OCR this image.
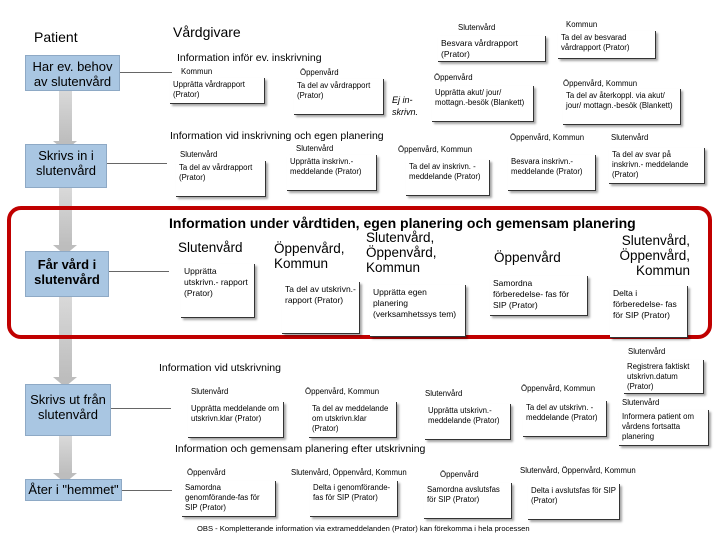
Patient	Vårdgivare
Har ev. behov av slutenvård
Skrivs in i slutenvård
Får vård i slutenvård
Skrivs ut från slutenvård
Åter i "hemmet"
Information inför ev. inskrivning
Kommun
Upprätta vårdrapport (Prator)
Öppenvård
Ta del av vårdrapport (Prator)	Ej in- skrivn.
Slutenvård
Besvara vårdrapport (Prator)
Kommun
Ta del av besvarad vårdrapport (Prator)
Öppenvård
Upprätta akut/ jour/ mottagn.-besök (Blankett)
Öppenvård, Kommun
Ta del av återkoppl. via akut/ jour/ mottagn.-besök (Blankett)
Information vid inskrivning och egen planering
Slutenvård
Ta del av vårdrapport (Prator)
Slutenvård
Upprätta inskrivn.- meddelande (Prator)
Öppenvård, Kommun
Ta del av inskrivn. - meddelande (Prator)
Öppenvård, Kommun
Besvara inskrivn.- meddelande (Prator)
Slutenvård
Ta del av svar på inskrivn.- meddelande (Prator)
Information under vårdtiden, egen planering och gemensam planering
Slutenvård
Upprätta utskrivn.- rapport (Prator)
Öppenvård, Kommun
Ta del av utskrivn.- rapport (Prator)
Slutenvård, Öppenvård, Kommun
Upprätta egen planering (verksamhetssys tem)
Öppenvård
Samordna förberedelse- fas för SIP (Prator)
Slutenvård, Öppenvård, Kommun
Delta i förberedelse- fas för SIP (Prator)
Slutenvård
Information vid utskrivning	Registrera faktiskt utskrivn.datum (Prator)
Slutenvård
Upprätta meddelande om utskrivn.klar (Prator)
Öppenvård, Kommun
Ta del av meddelande om utskrivn.klar (Prator)
Slutenvård
Upprätta utskrivn.- meddelande (Prator)
Öppenvård, Kommun
Ta del av utskrivn. -meddelande (Prator)
Slutenvård
Informera patient om vårdens fortsatta planering
Information och gemensam planering efter utskrivning
Öppenvård
Samordna genomförande-fas för SIP (Prator)
Slutenvård, Öppenvård, Kommun
Delta i genomförande- fas för SIP (Prator)
Öppenvård
Samordna avslutsfas för SIP (Prator)
Slutenvård, Öppenvård, Kommun
Delta i avslutsfas för SIP (Prator)
OBS - Kompletterande information via extrameddelanden (Prator) kan förekomma i hela processen
